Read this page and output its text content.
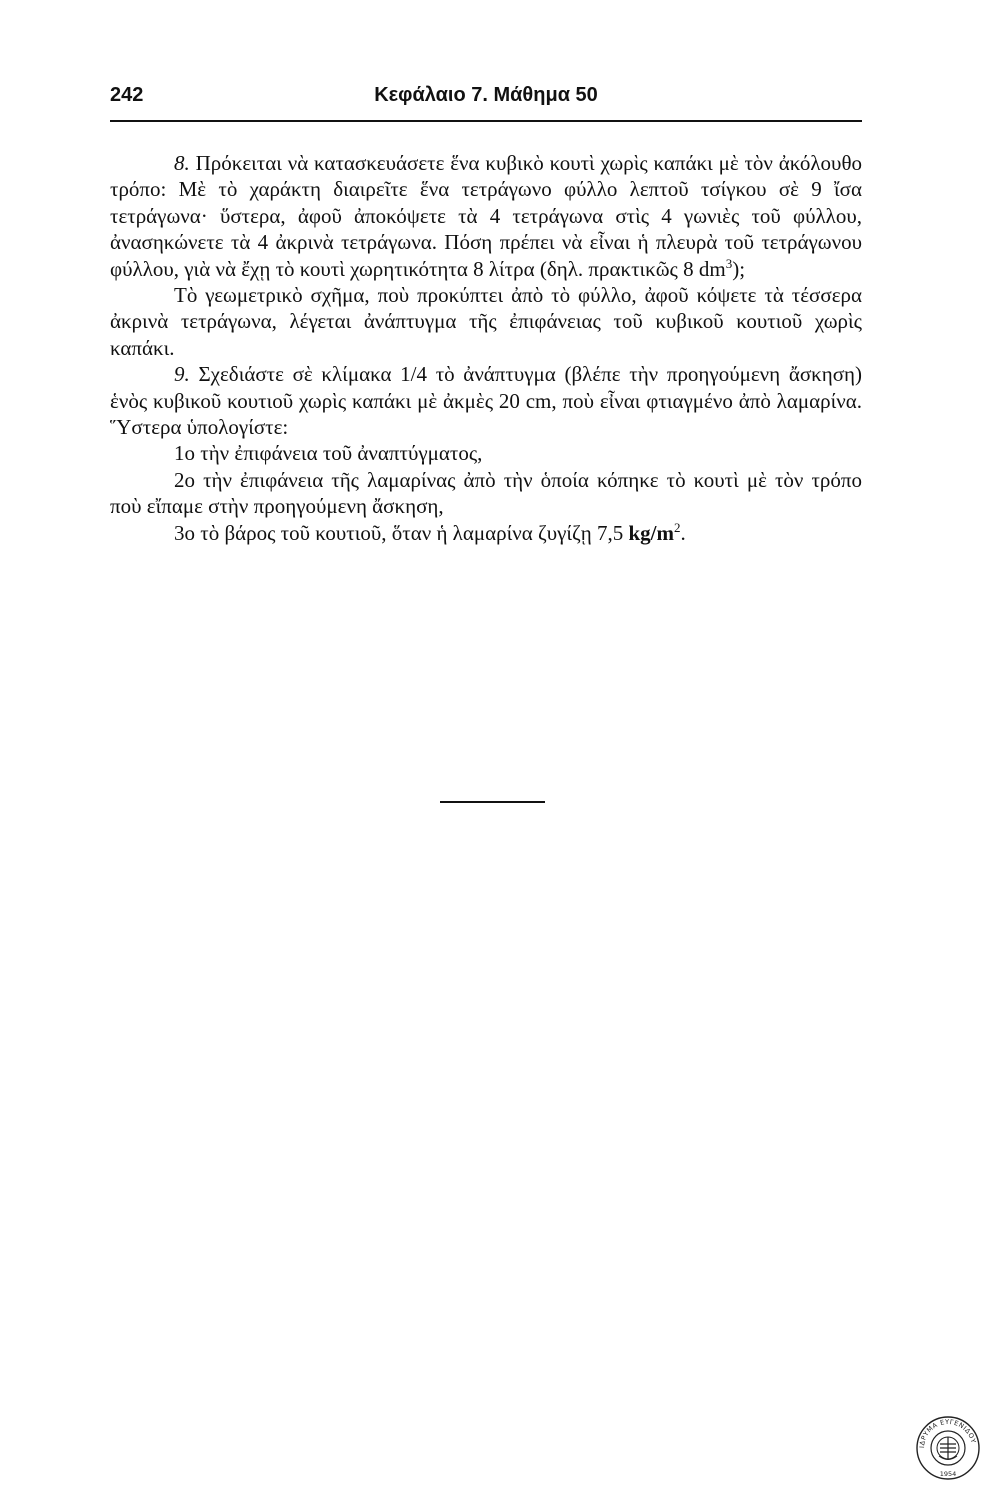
242	Κεφάλαιο 7. Μάθημα 50

8. Πρόκειται νὰ κατασκευάσετε ἕνα κυβικὸ κουτὶ χωρὶς καπάκι μὲ τὸν ἀκόλουθο τρόπο: Μὲ τὸ χαράκτη διαιρεῖτε ἕνα τετράγωνο φύλλο λεπτοῦ τσίγκου σὲ 9 ἴσα τετράγωνα· ὕστερα, ἀφοῦ ἀποκόψετε τὰ 4 τετράγωνα στὶς 4 γωνιὲς τοῦ φύλλου, ἀνασηκώνετε τὰ 4 ἀκρινὰ τετράγωνα. Πόση πρέπει νὰ εἶναι ἡ πλευρὰ τοῦ τετράγωνου φύλλου, γιὰ νὰ ἔχῃ τὸ κουτὶ χωρητικότητα 8 λίτρα (δηλ. πρακτικῶς 8 $dm^3$);

Τὸ γεωμετρικὸ σχῆμα, ποὺ προκύπτει ἀπὸ τὸ φύλλο, ἀφοῦ κόψετε τὰ τέσσερα ἀκρινὰ τετράγωνα, λέγεται ἀνάπτυγμα τῆς ἐπιφάνειας τοῦ κυβικοῦ κουτιοῦ χωρὶς καπάκι.

9. Σχεδιάστε σὲ κλίμακα 1/4 τὸ ἀνάπτυγμα (βλέπε τὴν προηγούμενη ἄσκηση) ἑνὸς κυβικοῦ κουτιοῦ χωρὶς καπάκι μὲ ἀκμὲς 20 cm, ποὺ εἶναι φτιαγμένο ἀπὸ λαμαρίνα. Ὕστερα ὑπολογίστε:

1ο τὴν ἐπιφάνεια τοῦ ἀναπτύγματος,

2ο τὴν ἐπιφάνεια τῆς λαμαρίνας ἀπὸ τὴν ὁποία κόπηκε τὸ κουτὶ μὲ τὸν τρόπο ποὺ εἴπαμε στὴν προηγούμενη ἄσκηση,

3ο τὸ βάρος τοῦ κουτιοῦ, ὅταν ἡ λαμαρίνα ζυγίζῃ 7,5 $kg/m^2$.

ΙΔΡΥΜΑ ΕΥΓΕΝΙΔΟΥ
1954
